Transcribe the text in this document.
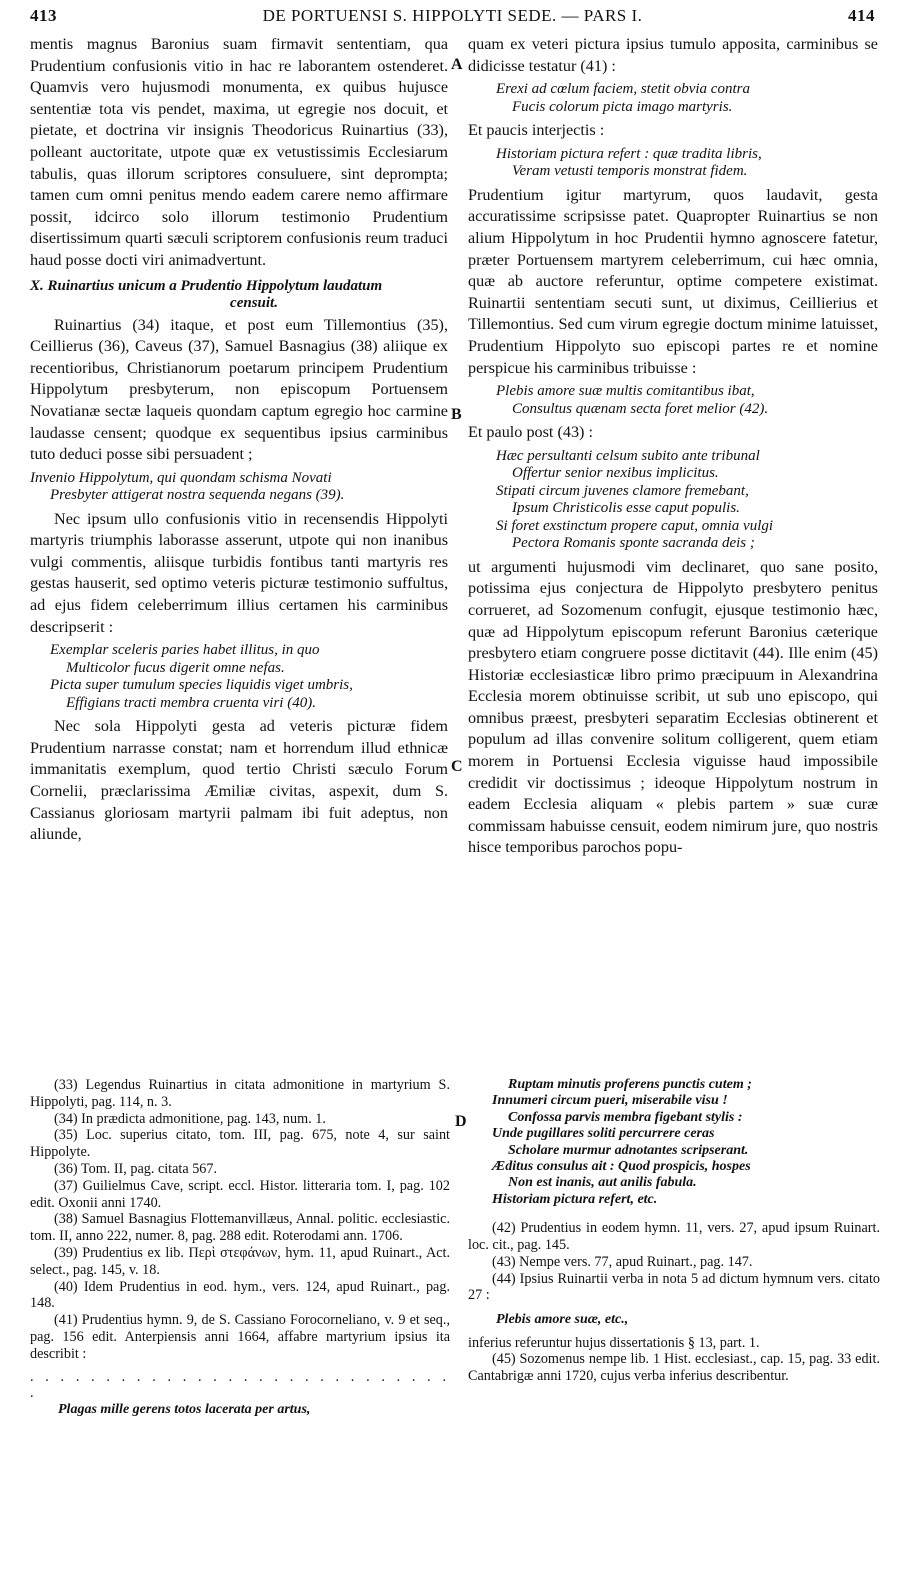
413	DE PORTUENSI S. HIPPOLYTI SEDE. — PARS I.	414
A
B
C
D

mentis magnus Baronius suam firmavit sententiam, qua Prudentium confusionis vitio in hac re laborantem ostenderet. Quamvis vero hujusmodi monumenta, ex quibus hujusce sententiæ tota vis pendet, maxima, ut egregie nos docuit, et pietate, et doctrina vir insignis Theodoricus Ruinartius (33), polleant auctoritate, utpote quæ ex vetustissimis Ecclesiarum tabulis, quas illorum scriptores consuluere, sint deprompta; tamen cum omni penitus mendo eadem carere nemo affirmare possit, idcirco solo illorum testimonio Prudentium disertissimum quarti sæculi scriptorem confusionis reum traduci haud posse docti viri animadvertunt.

X. Ruinartius unicum a Prudentio Hippolytum laudatum
censuit.

Ruinartius (34) itaque, et post eum Tillemontius (35), Ceillierus (36), Caveus (37), Samuel Basnagius (38) aliique ex recentioribus, Christianorum poetarum principem Prudentium Hippolytum presbyterum, non episcopum Portuensem Novatianæ sectæ laqueis quondam captum egregio hoc carmine laudasse censent; quodque ex sequentibus ipsius carminibus tuto deduci posse sibi persuadent ;

Invenio Hippolytum, qui quondam schisma Novati
Presbyter attigerat nostra sequenda negans (39).

Nec ipsum ullo confusionis vitio in recensendis Hippolyti martyris triumphis laborasse asserunt, utpote qui non inanibus vulgi commentis, aliisque turbidis fontibus tanti martyris res gestas hauserit, sed optimo veteris picturæ testimonio suffultus, ad ejus fidem celeberrimum illius certamen his carminibus descripserit :

Exemplar sceleris paries habet illitus, in quo
Multicolor fucus digerit omne nefas.
Picta super tumulum species liquidis viget umbris,
Effigians tracti membra cruenta viri (40).

Nec sola Hippolyti gesta ad veteris picturæ fidem Prudentium narrasse constat; nam et horrendum illud ethnicæ immanitatis exemplum, quod tertio Christi sæculo Forum Cornelii, præclarissima Æmiliæ civitas, aspexit, dum S. Cassianus gloriosam martyrii palmam ibi fuit adeptus, non aliunde,

quam ex veteri pictura ipsius tumulo apposita, carminibus se didicisse testatur (41) :

Erexi ad cœlum faciem, stetit obvia contra
Fucis colorum picta imago martyris.

Et paucis interjectis :

Historiam pictura refert : quæ tradita libris,
Veram vetusti temporis monstrat fidem.

Prudentium igitur martyrum, quos laudavit, gesta accuratissime scripsisse patet. Quapropter Ruinartius se non alium Hippolytum in hoc Prudentii hymno agnoscere fatetur, præter Portuensem martyrem celeberrimum, cui hæc omnia, quæ ab auctore referuntur, optime competere existimat. Ruinartii sententiam secuti sunt, ut diximus, Ceillierius et Tillemontius. Sed cum virum egregie doctum minime latuisset, Prudentium Hippolyto suo episcopi partes re et nomine perspicue his carminibus tribuisse :

Plebis amore suæ multis comitantibus ibat,
Consultus quænam secta foret melior (42).

Et paulo post (43) :

Hæc persultanti celsum subito ante tribunal
Offertur senior nexibus implicitus.
Stipati circum juvenes clamore fremebant,
Ipsum Christicolis esse caput populis.
Si foret exstinctum propere caput, omnia vulgi
Pectora Romanis sponte sacranda deis ;

ut argumenti hujusmodi vim declinaret, quo sane posito, potissima ejus conjectura de Hippolyto presbytero penitus corrueret, ad Sozomenum confugit, ejusque testimonio hæc, quæ ad Hippolytum episcopum referunt Baronius cæterique presbytero etiam congruere posse dictitavit (44). Ille enim (45) Historiæ ecclesiasticæ libro primo præcipuum in Alexandrina Ecclesia morem obtinuisse scribit, ut sub uno episcopo, qui omnibus præest, presbyteri separatim Ecclesias obtinerent et populum ad illas convenire solitum colligerent, quem etiam morem in Portuensi Ecclesia viguisse haud impossibile credidit vir doctissimus ; ideoque Hippolytum nostrum in eadem Ecclesia aliquam « plebis partem » suæ curæ commissam habuisse censuit, eodem nimirum jure, quo nostris hisce temporibus parochos popu-

(33) Legendus Ruinartius in citata admonitione in martyrium S. Hippolyti, pag. 114, n. 3.

(34) In prædicta admonitione, pag. 143, num. 1.

(35) Loc. superius citato, tom. III, pag. 675, note 4, sur saint Hippolyte.

(36) Tom. II, pag. citata 567.

(37) Guilielmus Cave, script. eccl. Histor. litteraria tom. I, pag. 102 edit. Oxonii anni 1740.

(38) Samuel Basnagius Flottemanvillæus, Annal. politic. ecclesiastic. tom. II, anno 222, numer. 8, pag. 288 edit. Roterodami ann. 1706.

(39) Prudentius ex lib. Περὶ στεφάνων, hym. 11, apud Ruinart., Act. select., pag. 145, v. 18.

(40) Idem Prudentius in eod. hym., vers. 124, apud Ruinart., pag. 148.

(41) Prudentius hymn. 9, de S. Cassiano Forocorneliano, v. 9 et seq., pag. 156 edit. Anterpiensis anni 1664, affabre martyrium ipsius ita describit :

. . . . . . . . . . . . . . . . . . . . . . . . . . . . .

Plagas mille gerens totos lacerata per artus,

Ruptam minutis proferens punctis cutem ;
Innumeri circum pueri, miserabile visu !
Confossa parvis membra figebant stylis :
Unde pugillares soliti percurrere ceras
Scholare murmur adnotantes scripserant.
Æditus consulus ait : Quod prospicis, hospes
Non est inanis, aut anilis fabula.
Historiam pictura refert, etc.

(42) Prudentius in eodem hymn. 11, vers. 27, apud ipsum Ruinart. loc. cit., pag. 145.

(43) Nempe vers. 77, apud Ruinart., pag. 147.

(44) Ipsius Ruinartii verba in nota 5 ad dictum hymnum vers. citato 27 :

Plebis amore suæ, etc.,

inferius referuntur hujus dissertationis § 13, part. 1.

(45) Sozomenus nempe lib. 1 Hist. ecclesiast., cap. 15, pag. 33 edit. Cantabrigæ anni 1720, cujus verba inferius describentur.
